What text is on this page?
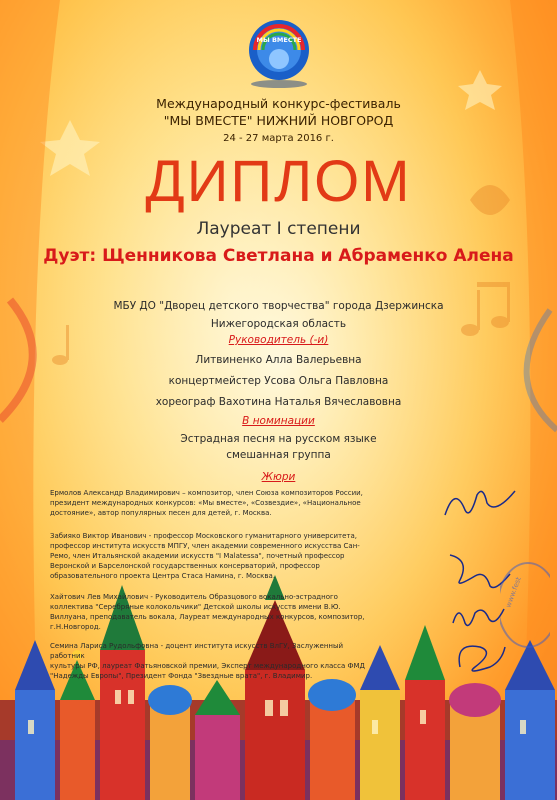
МЫ ВМЕСТЕ
Международный конкурс-фестиваль
"МЫ ВМЕСТЕ" НИЖНИЙ НОВГОРОД
24 - 27 марта 2016 г.
ДИПЛОМ
Лауреат I степени
Дуэт: Щенникова Светлана и Абраменко Алена
МБУ ДО "Дворец детского творчества" города Дзержинска
Нижегородская область
Руководитель (-и)
Литвиненко Алла Валерьевна
концертмейстер Усова Ольга Павловна
хореограф Вахотина Наталья Вячеславовна
В номинации
Эстрадная песня на русском языке
смешанная группа
Жюри
Ермолов Александр Владимирович – композитор, член Союза композиторов России,
президент международных конкурсов: «Мы вместе», «Созвездие», «Национальное
достояние», автор популярных песен для детей, г. Москва.
Забияко Виктор Иванович - профессор Московского гуманитарного университета,
профессор института искусств МПГУ, член академии современного искусства Сан-
Ремо, член Итальянской академии искусств "I Malatessa", почетный профессор
Веронской и Барселонской государственных консерваторий, профессор
образовательного проекта Центра Стаса Намина, г. Москва.
Хайтович Лев Михайлович - Руководитель Образцового вокально-эстрадного
коллектива "Серебряные колокольчики" Детской школы искусств имени В.Ю.
Виллуана, преподаватель вокала, Лауреат международных конкурсов, композитор,
г.Н.Новгород.
Семина Лариса Рудольфовна - доцент института искусств ВлГУ, Заслуженный работник
культуры РФ, лауреат Фатьяновской премии, Эксперт международного класса ФМД
"Надежды Европы", Президент Фонда "Звездные врата", г. Владимир.
www.fest
